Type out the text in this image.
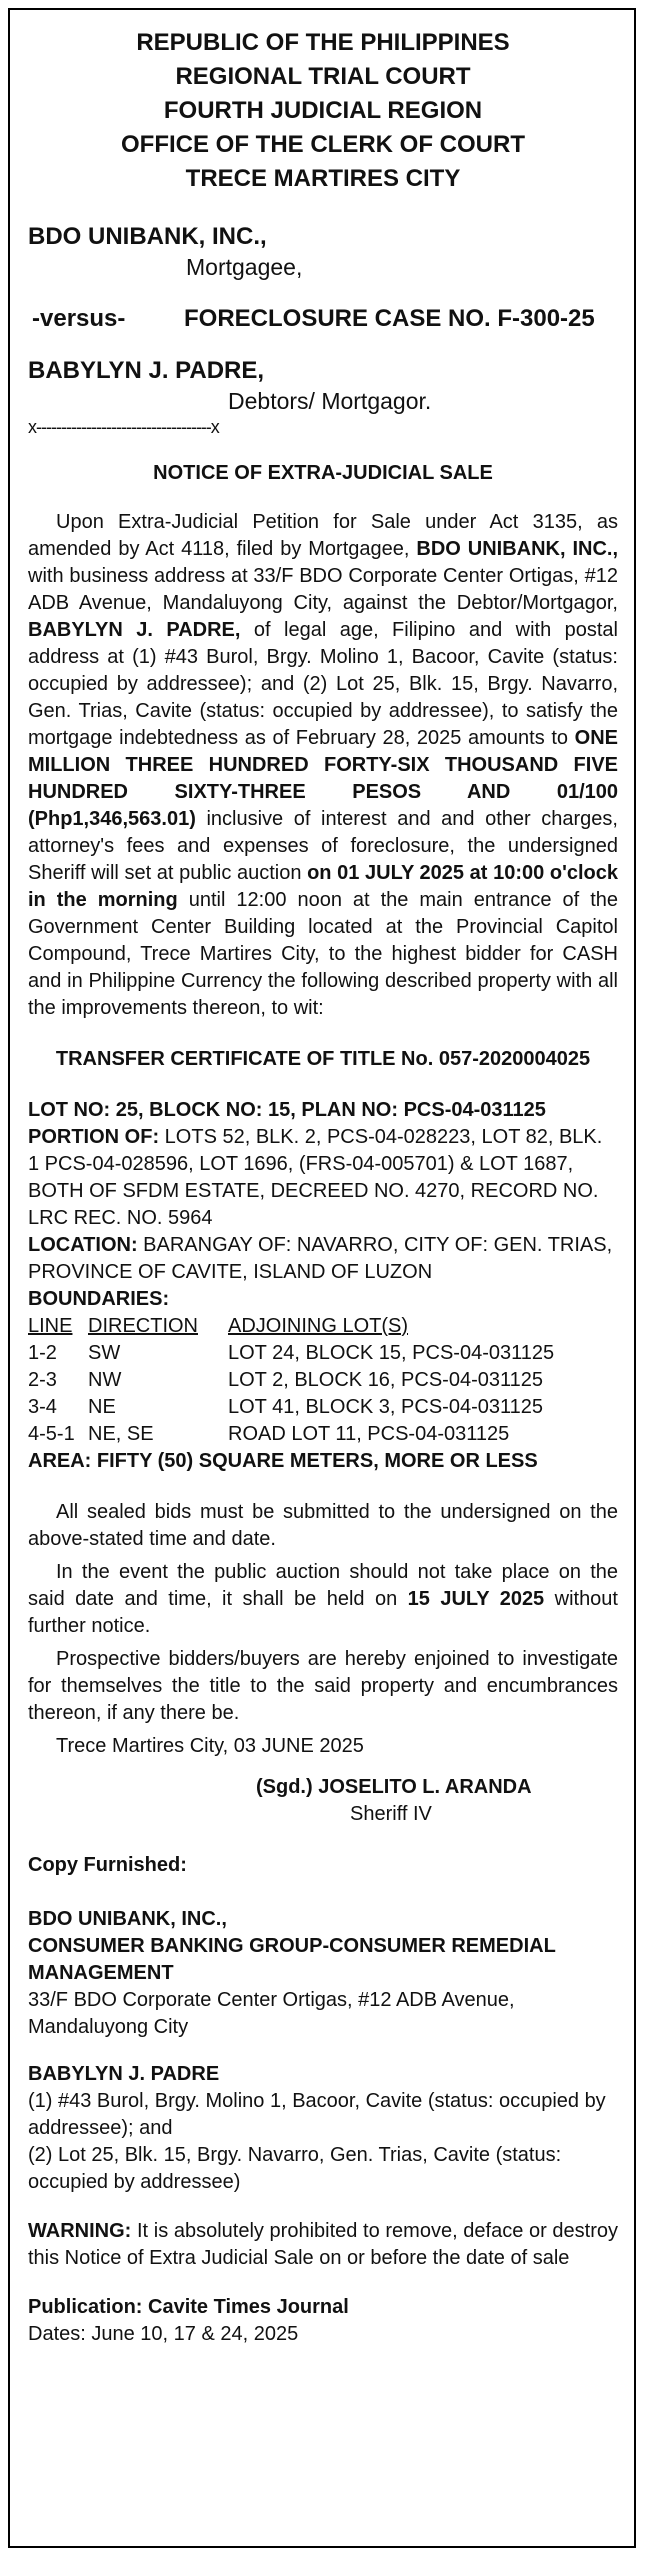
REPUBLIC OF THE PHILIPPINES
REGIONAL TRIAL COURT
FOURTH JUDICIAL REGION
OFFICE OF THE CLERK OF COURT
TRECE MARTIRES CITY
BDO UNIBANK, INC.,
Mortgagee,
-versus- FORECLOSURE CASE NO. F-300-25
BABYLYN J. PADRE,
Debtors/ Mortgagor.
x-----------------------------------x
NOTICE OF EXTRA-JUDICIAL SALE
Upon Extra-Judicial Petition for Sale under Act 3135, as amended by Act 4118, filed by Mortgagee, BDO UNIBANK, INC., with business address at 33/F BDO Corporate Center Ortigas, #12 ADB Avenue, Mandaluyong City, against the Debtor/Mortgagor, BABYLYN J. PADRE, of legal age, Filipino and with postal address at (1) #43 Burol, Brgy. Molino 1, Bacoor, Cavite (status: occupied by addressee); and (2) Lot 25, Blk. 15, Brgy. Navarro, Gen. Trias, Cavite (status: occupied by addressee), to satisfy the mortgage indebtedness as of February 28, 2025 amounts to ONE MILLION THREE HUNDRED FORTY-SIX THOUSAND FIVE HUNDRED SIXTY-THREE PESOS AND 01/100 (Php1,346,563.01) inclusive of interest and and other charges, attorney's fees and expenses of foreclosure, the undersigned Sheriff will set at public auction on 01 JULY 2025 at 10:00 o'clock in the morning until 12:00 noon at the main entrance of the Government Center Building located at the Provincial Capitol Compound, Trece Martires City, to the highest bidder for CASH and in Philippine Currency the following described property with all the improvements thereon, to wit:
TRANSFER CERTIFICATE OF TITLE No. 057-2020004025
LOT NO: 25, BLOCK NO: 15, PLAN NO: PCS-04-031125
PORTION OF: LOTS 52, BLK. 2, PCS-04-028223, LOT 82, BLK. 1 PCS-04-028596, LOT 1696, (FRS-04-005701) & LOT 1687, BOTH OF SFDM ESTATE, DECREED NO. 4270, RECORD NO. LRC REC. NO. 5964
LOCATION: BARANGAY OF: NAVARRO, CITY OF: GEN. TRIAS, PROVINCE OF CAVITE, ISLAND OF LUZON
BOUNDARIES:
LINE DIRECTION	ADJOINING LOT(S)
1-2	SW	LOT 24, BLOCK 15, PCS-04-031125
2-3	NW	LOT 2, BLOCK 16, PCS-04-031125
3-4	NE	LOT 41, BLOCK 3, PCS-04-031125
4-5-1 NE, SE	ROAD LOT 11, PCS-04-031125
AREA: FIFTY (50) SQUARE METERS, MORE OR LESS
All sealed bids must be submitted to the undersigned on the above-stated time and date.
In the event the public auction should not take place on the said date and time, it shall be held on 15 JULY 2025 without further notice.
Prospective bidders/buyers are hereby enjoined to investigate for themselves the title to the said property and encumbrances thereon, if any there be.
Trece Martires City, 03 JUNE 2025
(Sgd.) JOSELITO L. ARANDA
Sheriff IV
Copy Furnished:
BDO UNIBANK, INC.,
CONSUMER BANKING GROUP-CONSUMER REMEDIAL MANAGEMENT
33/F BDO Corporate Center Ortigas, #12 ADB Avenue, Mandaluyong City
BABYLYN J. PADRE
(1) #43 Burol, Brgy. Molino 1, Bacoor, Cavite (status: occupied by addressee); and
(2) Lot 25, Blk. 15, Brgy. Navarro, Gen. Trias, Cavite (status: occupied by addressee)
WARNING: It is absolutely prohibited to remove, deface or destroy this Notice of Extra Judicial Sale on or before the date of sale
Publication: Cavite Times Journal
Dates: June 10, 17 & 24, 2025
